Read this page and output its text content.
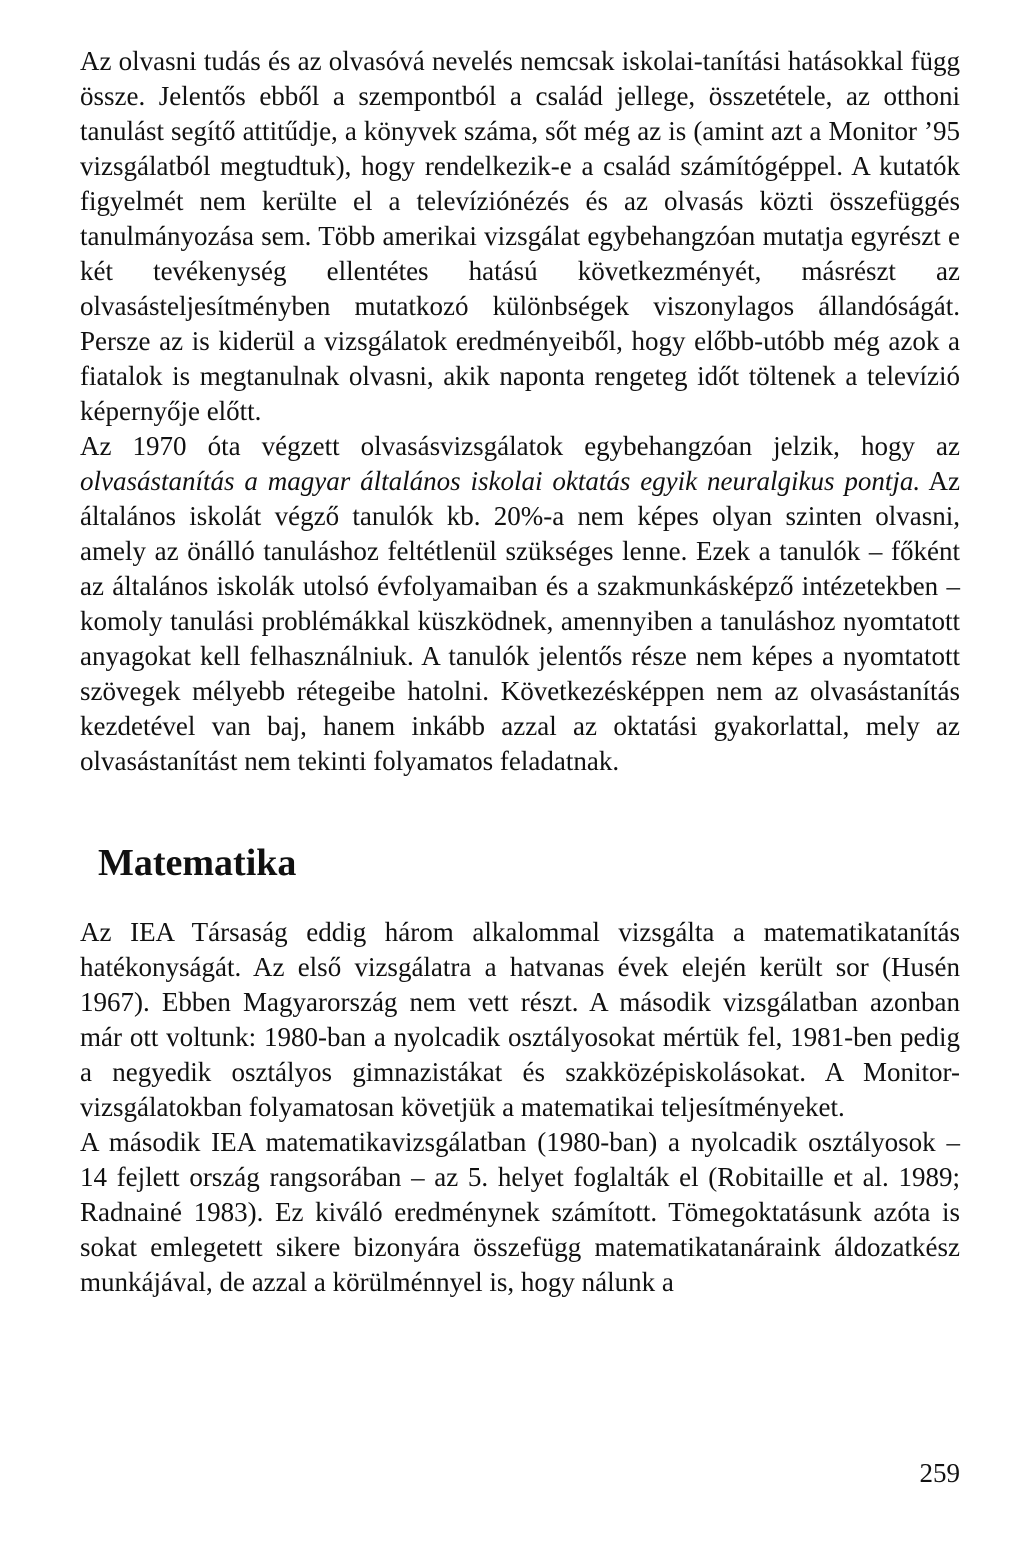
Az olvasni tudás és az olvasóvá nevelés nemcsak iskolai-tanítási hatásokkal függ össze. Jelentős ebből a szempontból a család jellege, összetétele, az otthoni tanulást segítő attitűdje, a könyvek száma, sőt még az is (amint azt a Monitor ’95 vizsgálatból megtudtuk), hogy rendelkezik-e a család számítógéppel. A kutatók figyelmét nem kerülte el a televíziónézés és az olvasás közti összefüggés tanulmányozása sem. Több amerikai vizsgálat egybehangzóan mutatja egyrészt e két tevékenység ellentétes hatású következményét, másrészt az olvasásteljesítményben mutatkozó különbségek viszonylagos állandóságát. Persze az is kiderül a vizsgálatok eredményeiből, hogy előbb-utóbb még azok a fiatalok is megtanulnak olvasni, akik naponta rengeteg időt töltenek a televízió képernyője előtt.

Az 1970 óta végzett olvasásvizsgálatok egybehangzóan jelzik, hogy az olvasástanítás a magyar általános iskolai oktatás egyik neuralgikus pontja. Az általános iskolát végző tanulók kb. 20%-a nem képes olyan szinten olvasni, amely az önálló tanuláshoz feltétlenül szükséges lenne. Ezek a tanulók – főként az általános iskolák utolsó évfolyamaiban és a szakmunkásképző intézetekben – komoly tanulási problémákkal küszködnek, amennyiben a tanuláshoz nyomtatott anyagokat kell felhasználniuk. A tanulók jelentős része nem képes a nyomtatott szövegek mélyebb rétegeibe hatolni. Következésképpen nem az olvasástanítás kezdetével van baj, hanem inkább azzal az oktatási gyakorlattal, mely az olvasástanítást nem tekinti folyamatos feladatnak.

Matematika

Az IEA Társaság eddig három alkalommal vizsgálta a matematikatanítás hatékonyságát. Az első vizsgálatra a hatvanas évek elején került sor (Husén 1967). Ebben Magyarország nem vett részt. A második vizsgálatban azonban már ott voltunk: 1980-ban a nyolcadik osztályosokat mértük fel, 1981-ben pedig a negyedik osztályos gimnazistákat és szakközépiskolásokat. A Monitor-vizsgálatokban folyamatosan követjük a matematikai teljesítményeket.

A második IEA matematikavizsgálatban (1980-ban) a nyolcadik osztályosok – 14 fejlett ország rangsorában – az 5. helyet foglalták el (Robitaille et al. 1989; Radnainé 1983). Ez kiváló eredménynek számított. Tömegoktatásunk azóta is sokat emlegetett sikere bizonyára összefügg matematikatanáraink áldozatkész munkájával, de azzal a körülménnyel is, hogy nálunk a

259
